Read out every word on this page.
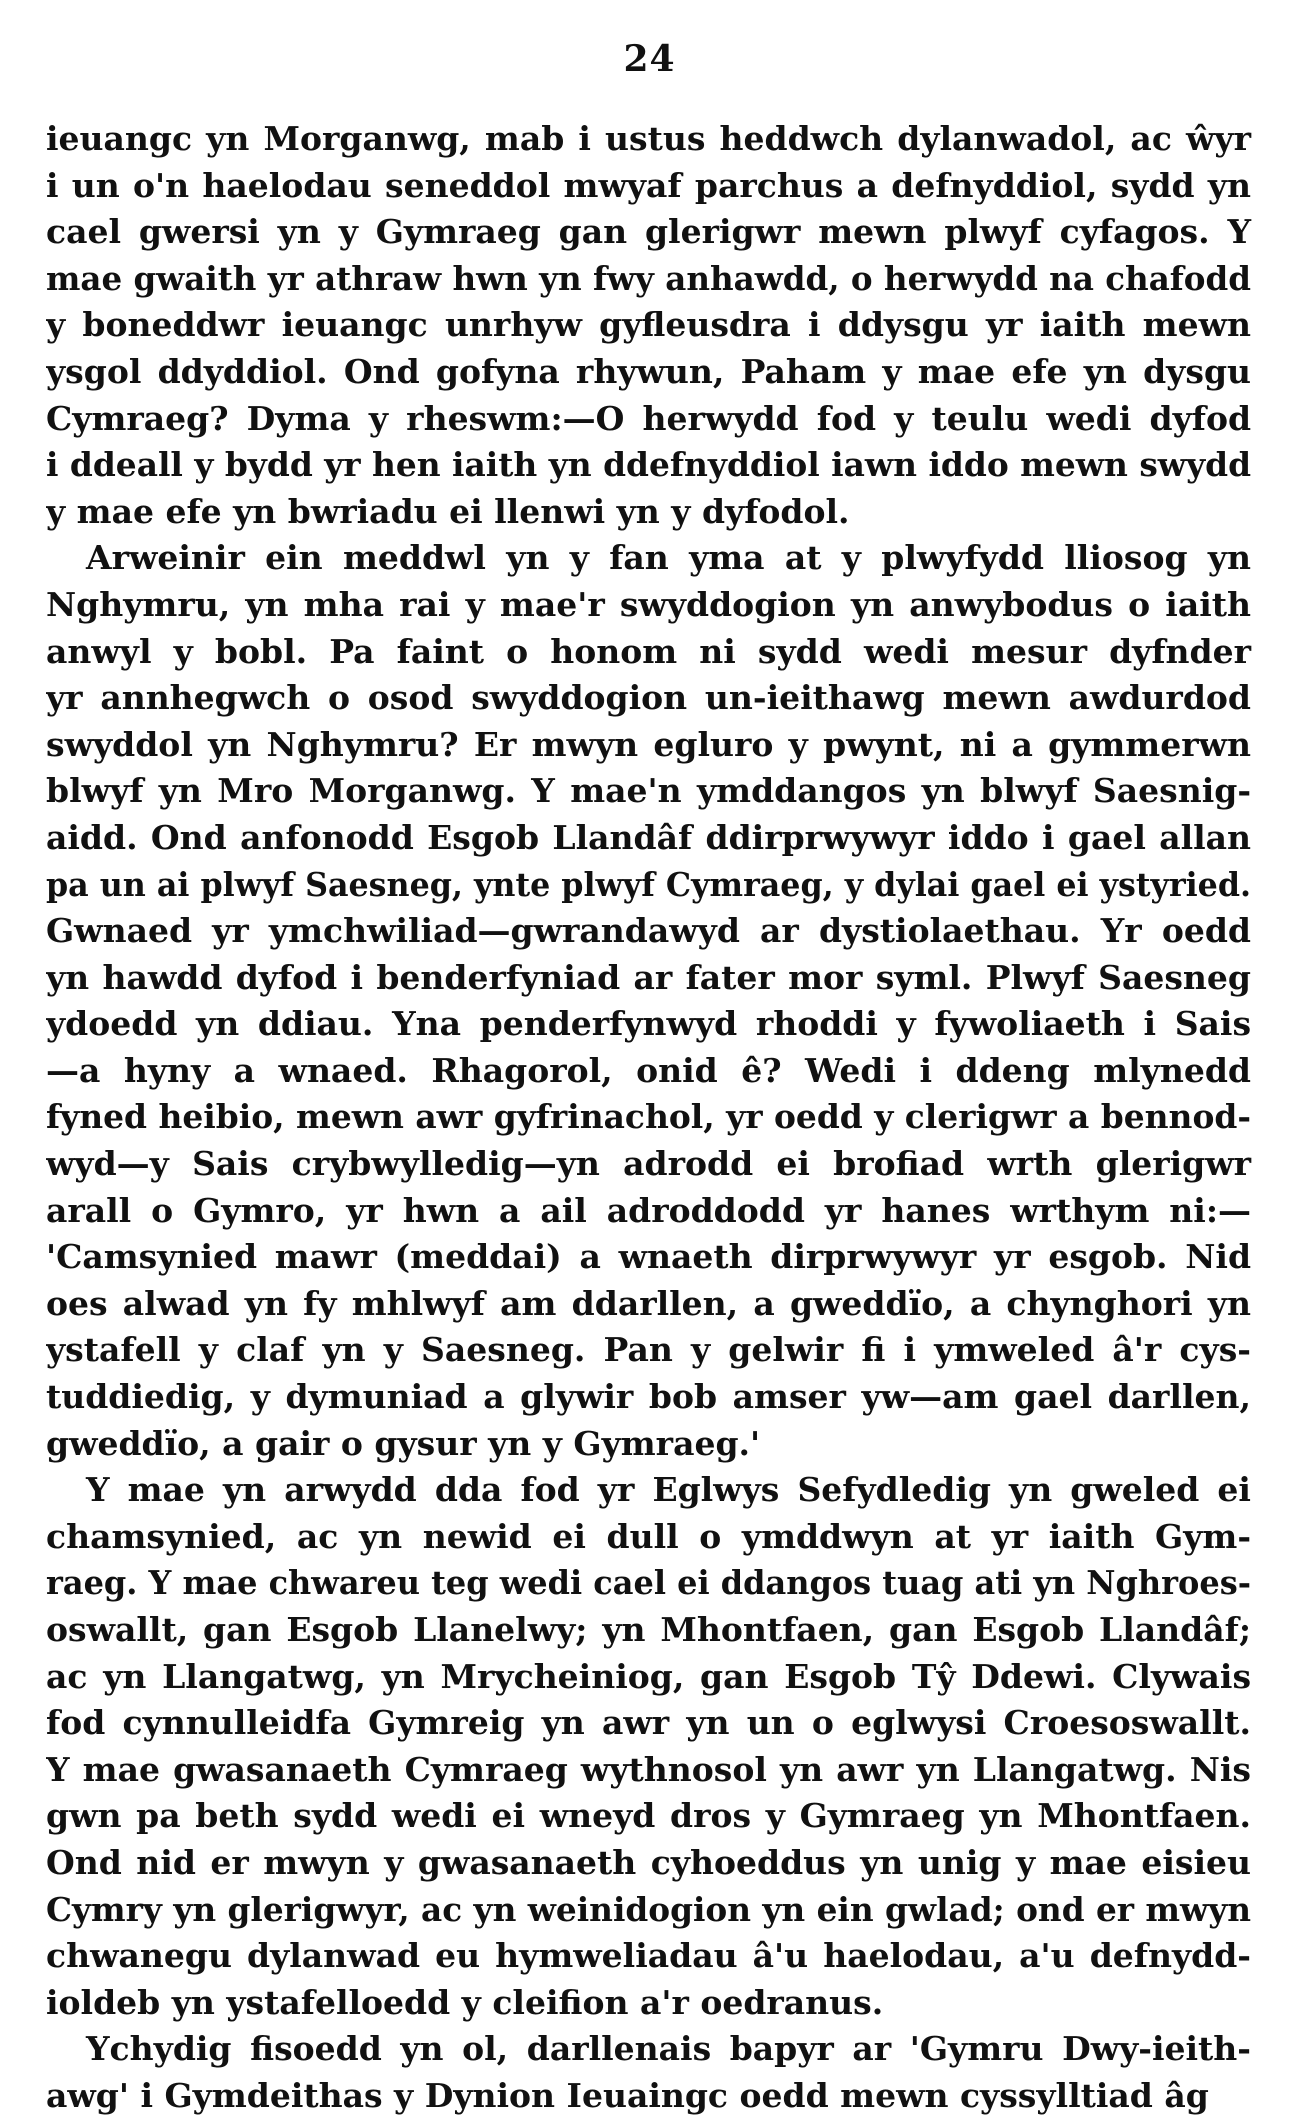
24
ieuangc yn Morganwg, mab i ustus heddwch dylanwadol, ac ŵyr
i un o'n haelodau seneddol mwyaf parchus a defnyddiol, sydd yn
cael gwersi yn y Gymraeg gan glerigwr mewn plwyf cyfagos. Y
mae gwaith yr athraw hwn yn fwy anhawdd, o herwydd na chafodd
y boneddwr ieuangc unrhyw gyfleusdra i ddysgu yr iaith mewn
ysgol ddyddiol. Ond gofyna rhywun, Paham y mae efe yn dysgu
Cymraeg? Dyma y rheswm:—O herwydd fod y teulu wedi dyfod
i ddeall y bydd yr hen iaith yn ddefnyddiol iawn iddo mewn swydd
y mae efe yn bwriadu ei llenwi yn y dyfodol.
Arweinir ein meddwl yn y fan yma at y plwyfydd lliosog yn
Nghymru, yn mha rai y mae'r swyddogion yn anwybodus o iaith
anwyl y bobl. Pa faint o honom ni sydd wedi mesur dyfnder
yr annhegwch o osod swyddogion un-ieithawg mewn awdurdod
swyddol yn Nghymru? Er mwyn egluro y pwynt, ni a gymmerwn
blwyf yn Mro Morganwg. Y mae'n ymddangos yn blwyf Saesnig-
aidd. Ond anfonodd Esgob Llandâf ddirprwywyr iddo i gael allan
pa un ai plwyf Saesneg, ynte plwyf Cymraeg, y dylai gael ei ystyried.
Gwnaed yr ymchwiliad—gwrandawyd ar dystiolaethau. Yr oedd
yn hawdd dyfod i benderfyniad ar fater mor syml. Plwyf Saesneg
ydoedd yn ddiau. Yna penderfynwyd rhoddi y fywoliaeth i Sais
—a hyny a wnaed. Rhagorol, onid ê? Wedi i ddeng mlynedd
fyned heibio, mewn awr gyfrinachol, yr oedd y clerigwr a bennod-
wyd—y Sais crybwylledig—yn adrodd ei brofiad wrth glerigwr
arall o Gymro, yr hwn a ail adroddodd yr hanes wrthym ni:—
'Camsynied mawr (meddai) a wnaeth dirprwywyr yr esgob. Nid
oes alwad yn fy mhlwyf am ddarllen, a gweddïo, a chynghori yn
ystafell y claf yn y Saesneg. Pan y gelwir fi i ymweled â'r cys-
tuddiedig, y dymuniad a glywir bob amser yw—am gael darllen,
gweddïo, a gair o gysur yn y Gymraeg.'
Y mae yn arwydd dda fod yr Eglwys Sefydledig yn gweled ei
chamsynied, ac yn newid ei dull o ymddwyn at yr iaith Gym-
raeg. Y mae chwareu teg wedi cael ei ddangos tuag ati yn Nghroes-
oswallt, gan Esgob Llanelwy; yn Mhontfaen, gan Esgob Llandâf;
ac yn Llangatwg, yn Mrycheiniog, gan Esgob Tŷ Ddewi. Clywais
fod cynnulleidfa Gymreig yn awr yn un o eglwysi Croesoswallt.
Y mae gwasanaeth Cymraeg wythnosol yn awr yn Llangatwg. Nis
gwn pa beth sydd wedi ei wneyd dros y Gymraeg yn Mhontfaen.
Ond nid er mwyn y gwasanaeth cyhoeddus yn unig y mae eisieu
Cymry yn glerigwyr, ac yn weinidogion yn ein gwlad; ond er mwyn
chwanegu dylanwad eu hymweliadau â'u haelodau, a'u defnydd-
ioldeb yn ystafelloedd y cleifion a'r oedranus.
Ychydig fisoedd yn ol, darllenais bapyr ar 'Gymru Dwy-ieith-
awg' i Gymdeithas y Dynion Ieuaingc oedd mewn cyssylltiad âg
